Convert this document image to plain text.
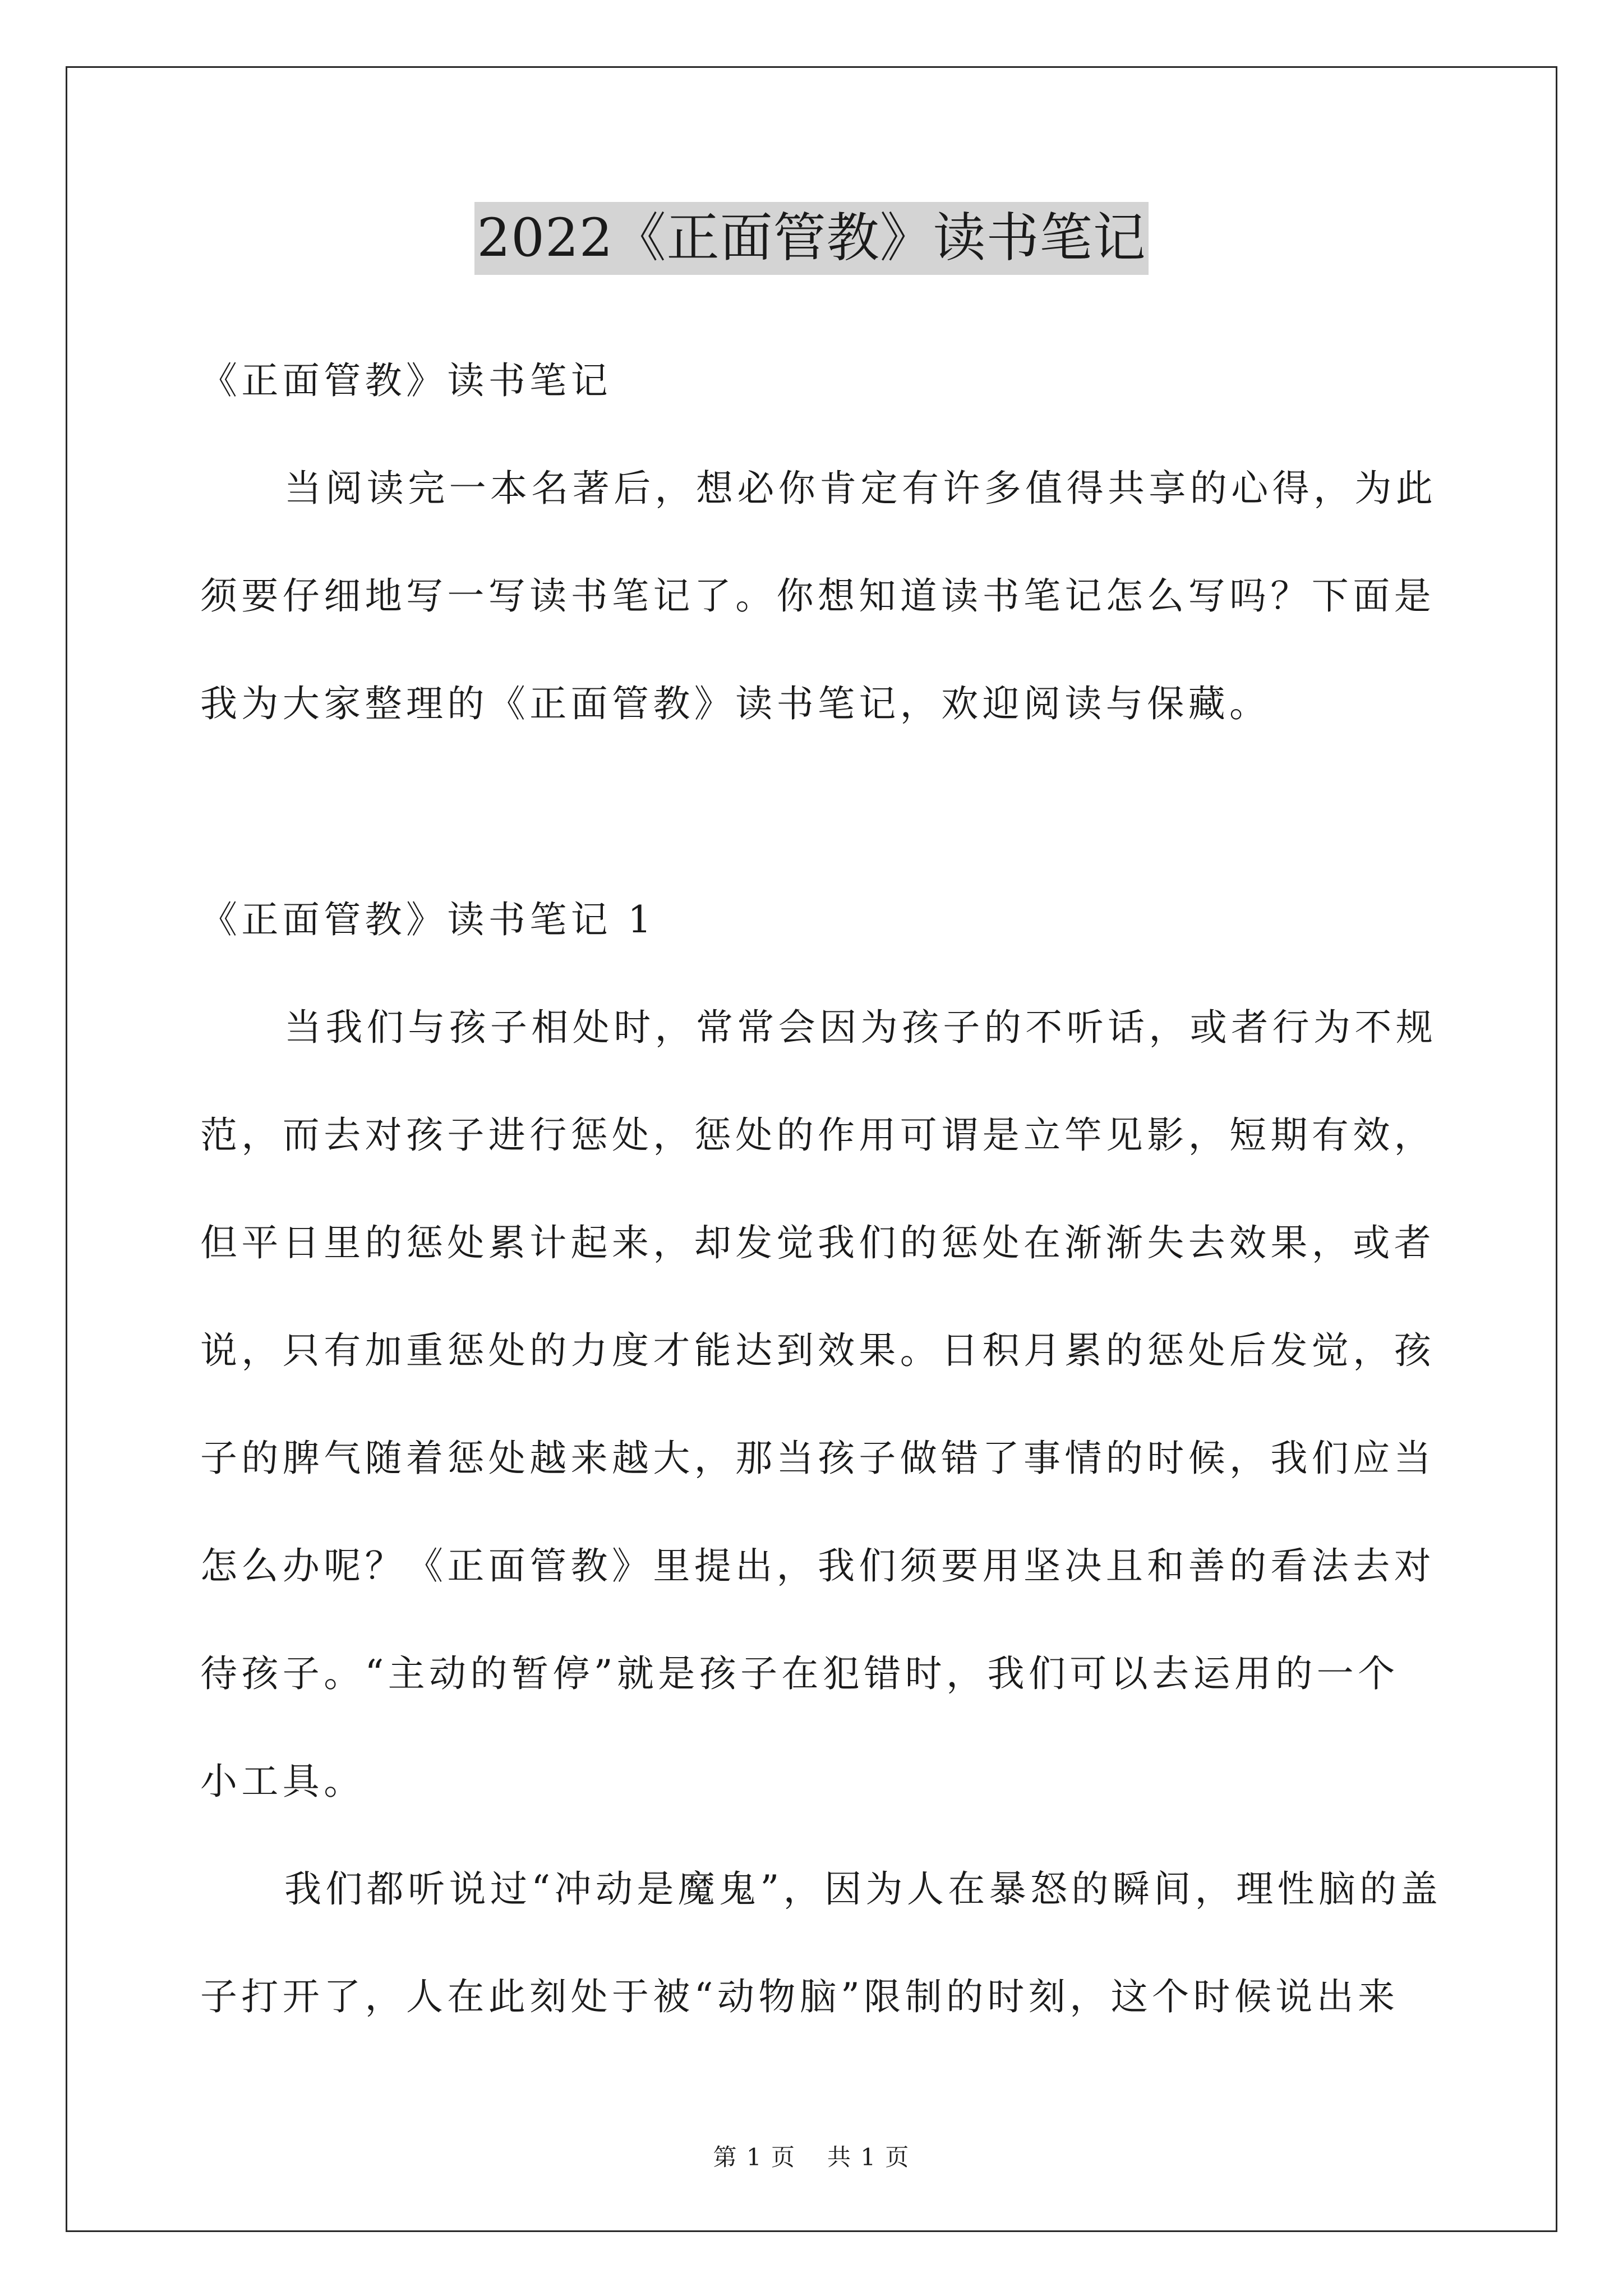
2022《正面管教》读书笔记
《正面管教》读书笔记
当阅读完一本名著后，想必你肯定有许多值得共享的心得，为此
须要仔细地写一写读书笔记了。你想知道读书笔记怎么写吗？下面是
我为大家整理的《正面管教》读书笔记，欢迎阅读与保藏。
《正面管教》读书笔记 1
当我们与孩子相处时，常常会因为孩子的不听话，或者行为不规
范，而去对孩子进行惩处，惩处的作用可谓是立竿见影，短期有效，
但平日里的惩处累计起来，却发觉我们的惩处在渐渐失去效果，或者
说，只有加重惩处的力度才能达到效果。日积月累的惩处后发觉，孩
子的脾气随着惩处越来越大，那当孩子做错了事情的时候，我们应当
怎么办呢？《正面管教》里提出，我们须要用坚决且和善的看法去对
待孩子。“主动的暂停”就是孩子在犯错时，我们可以去运用的一个
小工具。
我们都听说过“冲动是魔鬼”，因为人在暴怒的瞬间，理性脑的盖
子打开了，人在此刻处于被“动物脑”限制的时刻，这个时候说出来
第 1 页 共 1 页
